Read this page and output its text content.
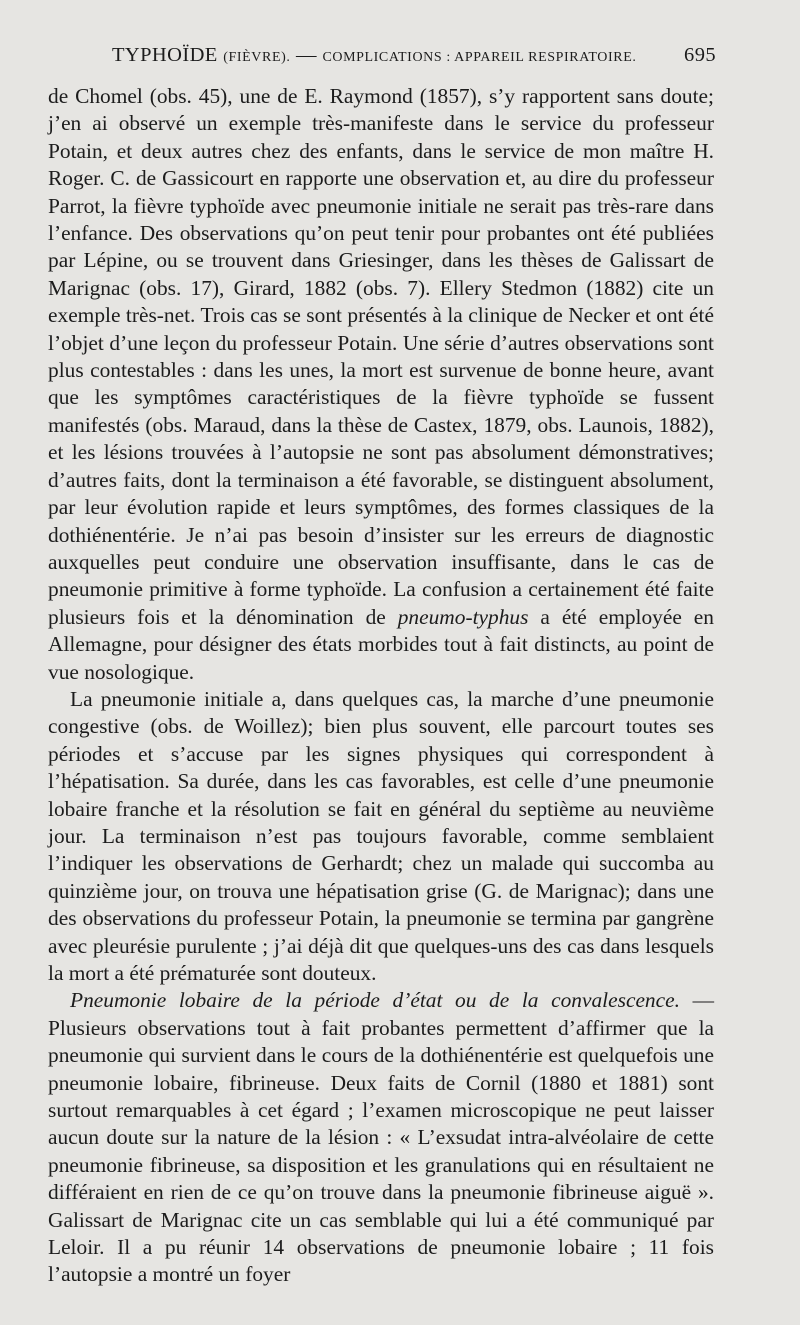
TYPHOÏDE (FIÈVRE). — COMPLICATIONS : APPAREIL RESPIRATOIRE. 695

de Chomel (obs. 45), une de E. Raymond (1857), s’y rapportent sans doute; j’en ai observé un exemple très-manifeste dans le service du professeur Potain, et deux autres chez des enfants, dans le service de mon maître H. Roger. C. de Gassicourt en rapporte une observation et, au dire du professeur Parrot, la fièvre typhoïde avec pneumonie initiale ne serait pas très-rare dans l’enfance. Des observations qu’on peut tenir pour probantes ont été publiées par Lépine, ou se trouvent dans Griesinger, dans les thèses de Galissart de Marignac (obs. 17), Girard, 1882 (obs. 7). Ellery Stedmon (1882) cite un exemple très-net. Trois cas se sont présentés à la clinique de Necker et ont été l’objet d’une leçon du professeur Potain. Une série d’autres observations sont plus contestables : dans les unes, la mort est survenue de bonne heure, avant que les symptômes caractéristiques de la fièvre typhoïde se fussent manifestés (obs. Maraud, dans la thèse de Castex, 1879, obs. Launois, 1882), et les lésions trouvées à l’autopsie ne sont pas absolument démonstratives; d’autres faits, dont la terminaison a été favorable, se distinguent absolument, par leur évolution rapide et leurs symptômes, des formes classiques de la dothiénentérie. Je n’ai pas besoin d’insister sur les erreurs de diagnostic auxquelles peut conduire une observation insuffisante, dans le cas de pneumonie primitive à forme typhoïde. La confusion a certainement été faite plusieurs fois et la dénomination de pneumo-typhus a été employée en Allemagne, pour désigner des états morbides tout à fait distincts, au point de vue nosologique.

La pneumonie initiale a, dans quelques cas, la marche d’une pneumonie congestive (obs. de Woillez); bien plus souvent, elle parcourt toutes ses périodes et s’accuse par les signes physiques qui correspondent à l’hépatisation. Sa durée, dans les cas favorables, est celle d’une pneumonie lobaire franche et la résolution se fait en général du septième au neuvième jour. La terminaison n’est pas toujours favorable, comme semblaient l’indiquer les observations de Gerhardt; chez un malade qui succomba au quinzième jour, on trouva une hépatisation grise (G. de Marignac); dans une des observations du professeur Potain, la pneumonie se termina par gangrène avec pleurésie purulente ; j’ai déjà dit que quelques-uns des cas dans lesquels la mort a été prématurée sont douteux.

Pneumonie lobaire de la période d’état ou de la convalescence. — Plusieurs observations tout à fait probantes permettent d’affirmer que la pneumonie qui survient dans le cours de la dothiénentérie est quelquefois une pneumonie lobaire, fibrineuse. Deux faits de Cornil (1880 et 1881) sont surtout remarquables à cet égard ; l’examen microscopique ne peut laisser aucun doute sur la nature de la lésion : « L’exsudat intra-alvéolaire de cette pneumonie fibrineuse, sa disposition et les granulations qui en résultaient ne différaient en rien de ce qu’on trouve dans la pneumonie fibrineuse aiguë ». Galissart de Marignac cite un cas semblable qui lui a été communiqué par Leloir. Il a pu réunir 14 observations de pneumonie lobaire ; 11 fois l’autopsie a montré un foyer
